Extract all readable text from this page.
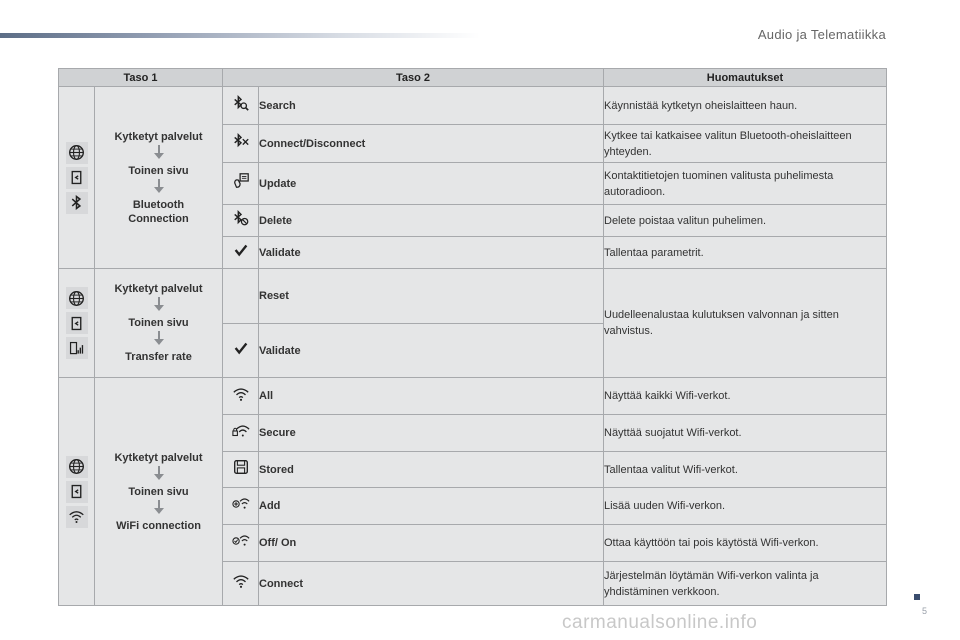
Audio ja Telematiikka
Taso 1		Taso 2		Huomautukset

Kytketyt palvelut
Toinen sivu
Bluetooth Connection		Search	Käynnistää kytketyn oheislaitteen haun.
	Connect/Disconnect	Kytkee tai katkaisee valitun Bluetooth-oheislaitteen yhteyden.
	Update	Kontaktitietojen tuominen valitusta puhelimesta autoradioon.
	Delete	Delete poistaa valitun puhelimen.
	Validate	Tallentaa parametrit.

Kytketyt palvelut
Toinen sivu
Transfer rate		Reset	Uudelleenalustaa kulutuksen valvonnan ja sitten vahvistus.
	Validate	

Kytketyt palvelut
Toinen sivu
WiFi connection		All	Näyttää kaikki Wifi-verkot.
	Secure	Näyttää suojatut Wifi-verkot.
	Stored	Tallentaa valitut Wifi-verkot.
	Add	Lisää uuden Wifi-verkon.
	Off/ On	Ottaa käyttöön tai pois käytöstä Wifi-verkon.
	Connect	Järjestelmän löytämän Wifi-verkon valinta ja yhdistäminen verkkoon.
5
carmanualsonline.info
